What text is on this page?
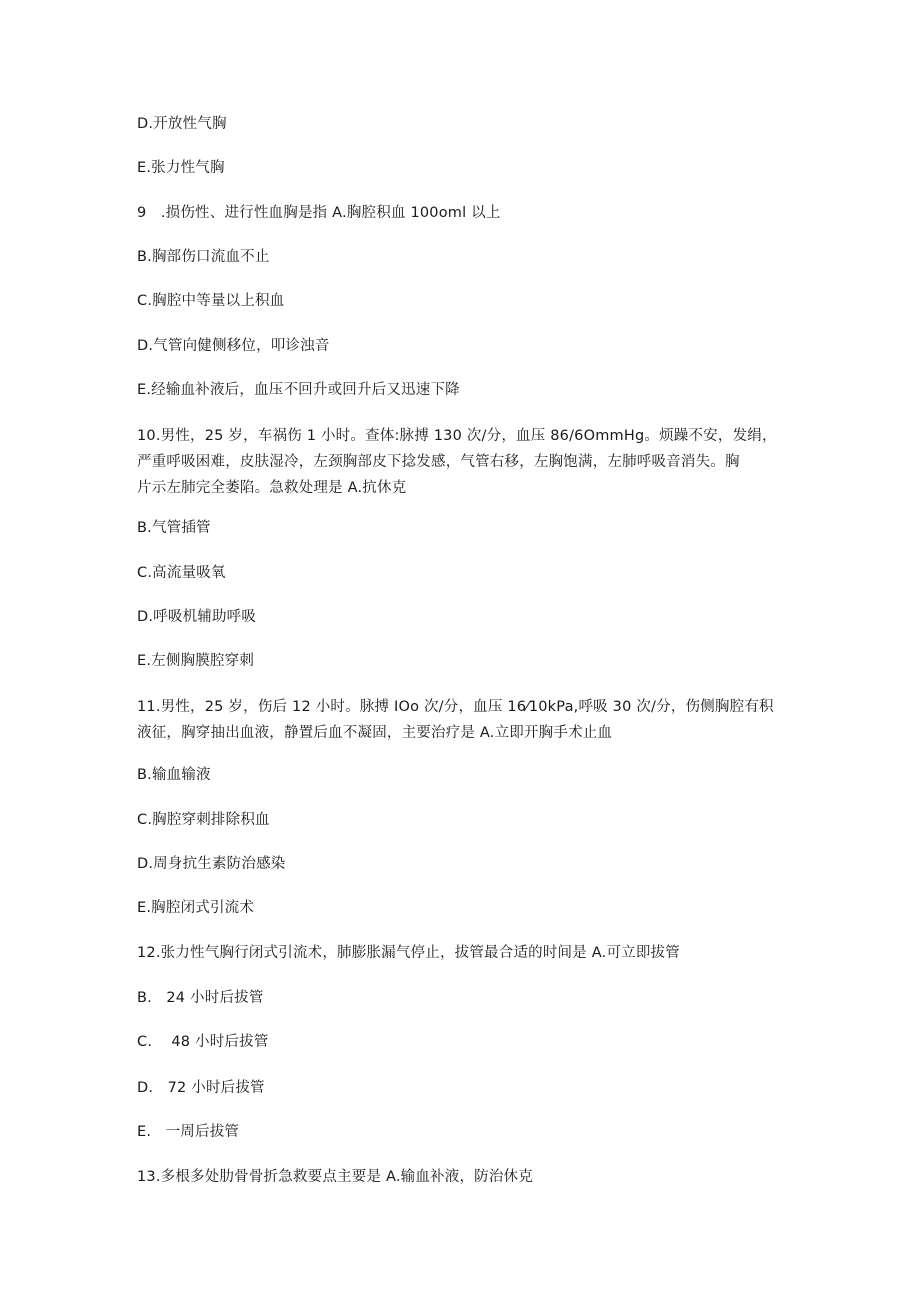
D.开放性气胸
E.张力性气胸
9   .损伤性、进行性血胸是指 A.胸腔积血 100oml 以上
B.胸部伤口流血不止
C.胸腔中等量以上积血
D.气管向健侧移位，叩诊浊音
E.经输血补液后，血压不回升或回升后又迅速下降
10.男性，25 岁，车祸伤 1 小时。查体:脉搏 130 次/分，血压 86/6OmmHg。烦躁不安，发绢，
严重呼吸困难，皮肤湿冷，左颈胸部皮下捻发感，气管右移，左胸饱满，左肺呼吸音消失。胸
片示左肺完全萎陷。急救处理是 A.抗休克
B.气管插管
C.高流量吸氧
D.呼吸机辅助呼吸
E.左侧胸膜腔穿刺
11.男性，25 岁，伤后 12 小时。脉搏 IOo 次/分，血压 16⁄10kPa,呼吸 30 次/分，伤侧胸腔有积
液征，胸穿抽出血液，静置后血不凝固，主要治疗是 A.立即开胸手术止血
B.输血输液
C.胸腔穿刺排除积血
D.周身抗生素防治感染
E.胸腔闭式引流术
12.张力性气胸行闭式引流术，肺膨胀漏气停止，拔管最合适的时间是 A.可立即拔管
B.   24 小时后拔管
C.    48 小时后拔管
D.   72 小时后拔管
E.   一周后拔管
13.多根多处肋骨骨折急救要点主要是 A.输血补液，防治休克
